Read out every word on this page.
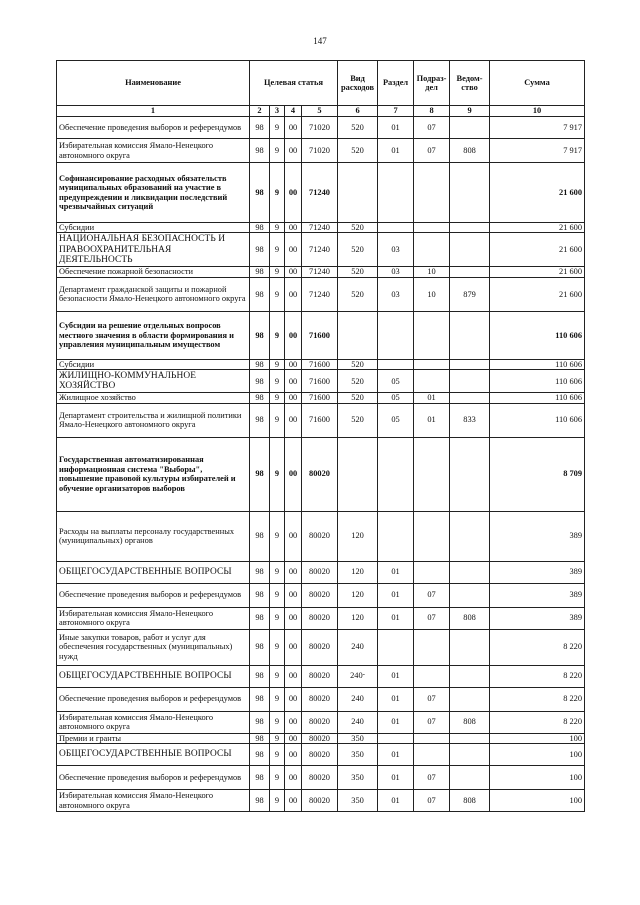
147
Наименование	Целевая статья				Вид расходов	Раздел	Подраз-дел	Ведом-ство	Сумма
1	2	3	4	5	6	7	8	9	10
Обеспечение проведения выборов и референдумов	98	9	00	71020	520	01	07		7 917
Избирательная комиссия Ямало-Ненецкого автономного округа	98	9	00	71020	520	01	07	808	7 917
Софинансирование расходных обязательств муниципальных образований на участие в предупреждении и ликвидации последствий чрезвычайных ситуаций	98	9	00	71240					21 600
Субсидии	98	9	00	71240	520				21 600
НАЦИОНАЛЬНАЯ БЕЗОПАСНОСТЬ И ПРАВООХРАНИТЕЛЬНАЯ ДЕЯТЕЛЬНОСТЬ	98	9	00	71240	520	03			21 600
Обеспечение пожарной безопасности	98	9	00	71240	520	03	10		21 600
Департамент гражданской защиты и пожарной безопасности Ямало-Ненецкого автономного округа	98	9	00	71240	520	03	10	879	21 600
Субсидии на решение отдельных вопросов местного значения в области формирования и управления муниципальным имуществом	98	9	00	71600					110 606
Субсидии	98	9	00	71600	520				110 606
ЖИЛИЩНО-КОММУНАЛЬНОЕ ХОЗЯЙСТВО	98	9	00	71600	520	05			110 606
Жилищное хозяйство	98	9	00	71600	520	05	01		110 606
Департамент строительства и жилищной политики Ямало-Ненецкого автономного округа	98	9	00	71600	520	05	01	833	110 606
Государственная автоматизированная информационная система "Выборы", повышение правовой культуры избирателей и обучение организаторов выборов	98	9	00	80020					8 709
Расходы на выплаты персоналу государственных (муниципальных) органов	98	9	00	80020	120				389
ОБЩЕГОСУДАРСТВЕННЫЕ ВОПРОСЫ	98	9	00	80020	120	01			389
Обеспечение проведения выборов и референдумов	98	9	00	80020	120	01	07		389
Избирательная комиссия Ямало-Ненецкого автономного округа	98	9	00	80020	120	01	07	808	389
Иные закупки товаров, работ и услуг для обеспечения государственных (муниципальных) нужд	98	9	00	80020	240				8 220
ОБЩЕГОСУДАРСТВЕННЫЕ ВОПРОСЫ	98	9	00	80020	240-	01			8 220
Обеспечение проведения выборов и референдумов	98	9	00	80020	240	01	07		8 220
Избирательная комиссия Ямало-Ненецкого автономного округа	98	9	00	80020	240	01	07	808	8 220
Премии и гранты	98	9	00	80020	350				100
ОБЩЕГОСУДАРСТВЕННЫЕ ВОПРОСЫ	98	9	00	80020	350	01			100
Обеспечение проведения выборов и референдумов	98	9	00	80020	350	01	07		100
Избирательная комиссия Ямало-Ненецкого автономного округа	98	9	00	80020	350	01	07	808	100
